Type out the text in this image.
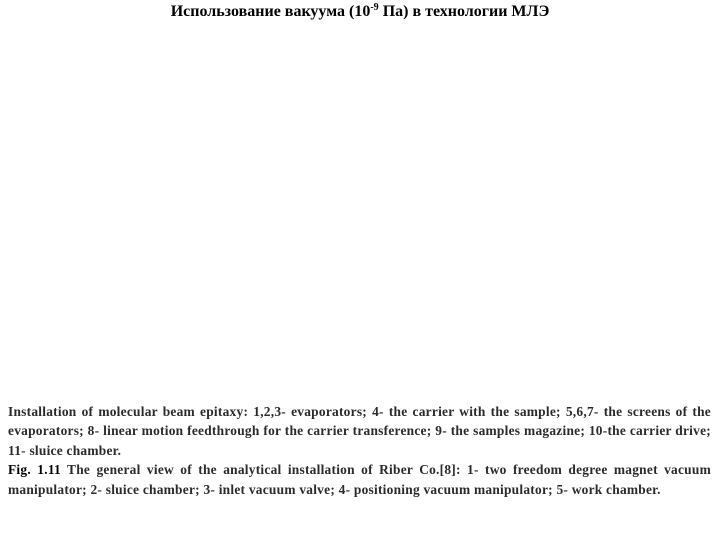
Использование вакуума ($10^{-9}$ Па) в технологии МЛЭ

Installation of molecular beam epitaxy: 1,2,3- evaporators; 4- the carrier with the sample; 5,6,7- the screens of the evaporators; 8- linear motion feedthrough for the carrier transference; 9- the samples magazine; 10-the carrier drive; 11- sluice chamber.

Fig. 1.11 The general view of the analytical installation of Riber Co.[8]: 1- two freedom degree magnet vacuum manipulator; 2- sluice chamber; 3- inlet vacuum valve; 4- positioning vacuum manipulator; 5- work chamber.
